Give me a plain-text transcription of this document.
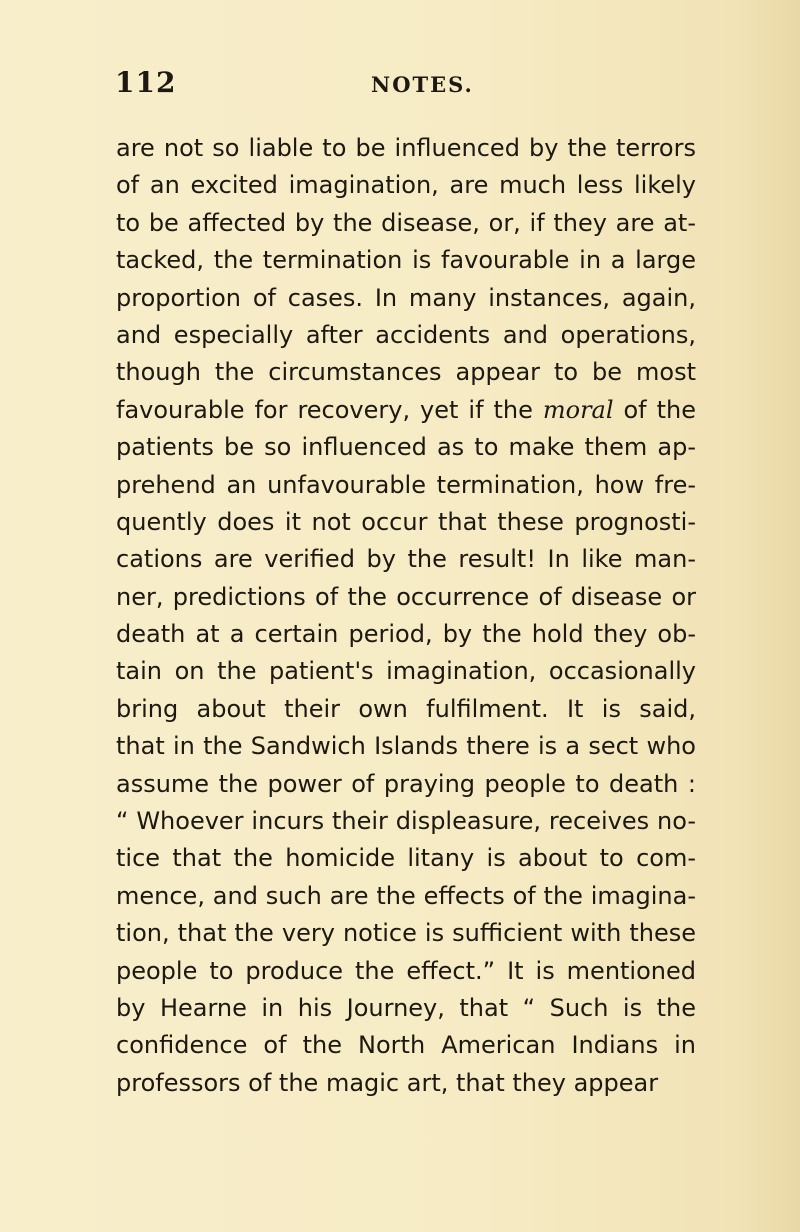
112	NOTES.
are not so liable to be influenced by the terrors
of an excited imagination, are much less likely
to be affected by the disease, or, if they are at-
tacked, the termination is favourable in a large
proportion of cases. In many instances, again,
and especially after accidents and operations,
though the circumstances appear to be most
favourable for recovery, yet if the moral of the
patients be so influenced as to make them ap-
prehend an unfavourable termination, how fre-
quently does it not occur that these prognosti-
cations are verified by the result! In like man-
ner, predictions of the occurrence of disease or
death at a certain period, by the hold they ob-
tain on the patient's imagination, occasionally
bring about their own fulfilment. It is said,
that in the Sandwich Islands there is a sect who
assume the power of praying people to death :
“ Whoever incurs their displeasure, receives no-
tice that the homicide litany is about to com-
mence, and such are the effects of the imagina-
tion, that the very notice is sufficient with these
people to produce the effect.” It is mentioned
by Hearne in his Journey, that “ Such is the
confidence of the North American Indians in
professors of the magic art, that they appear
